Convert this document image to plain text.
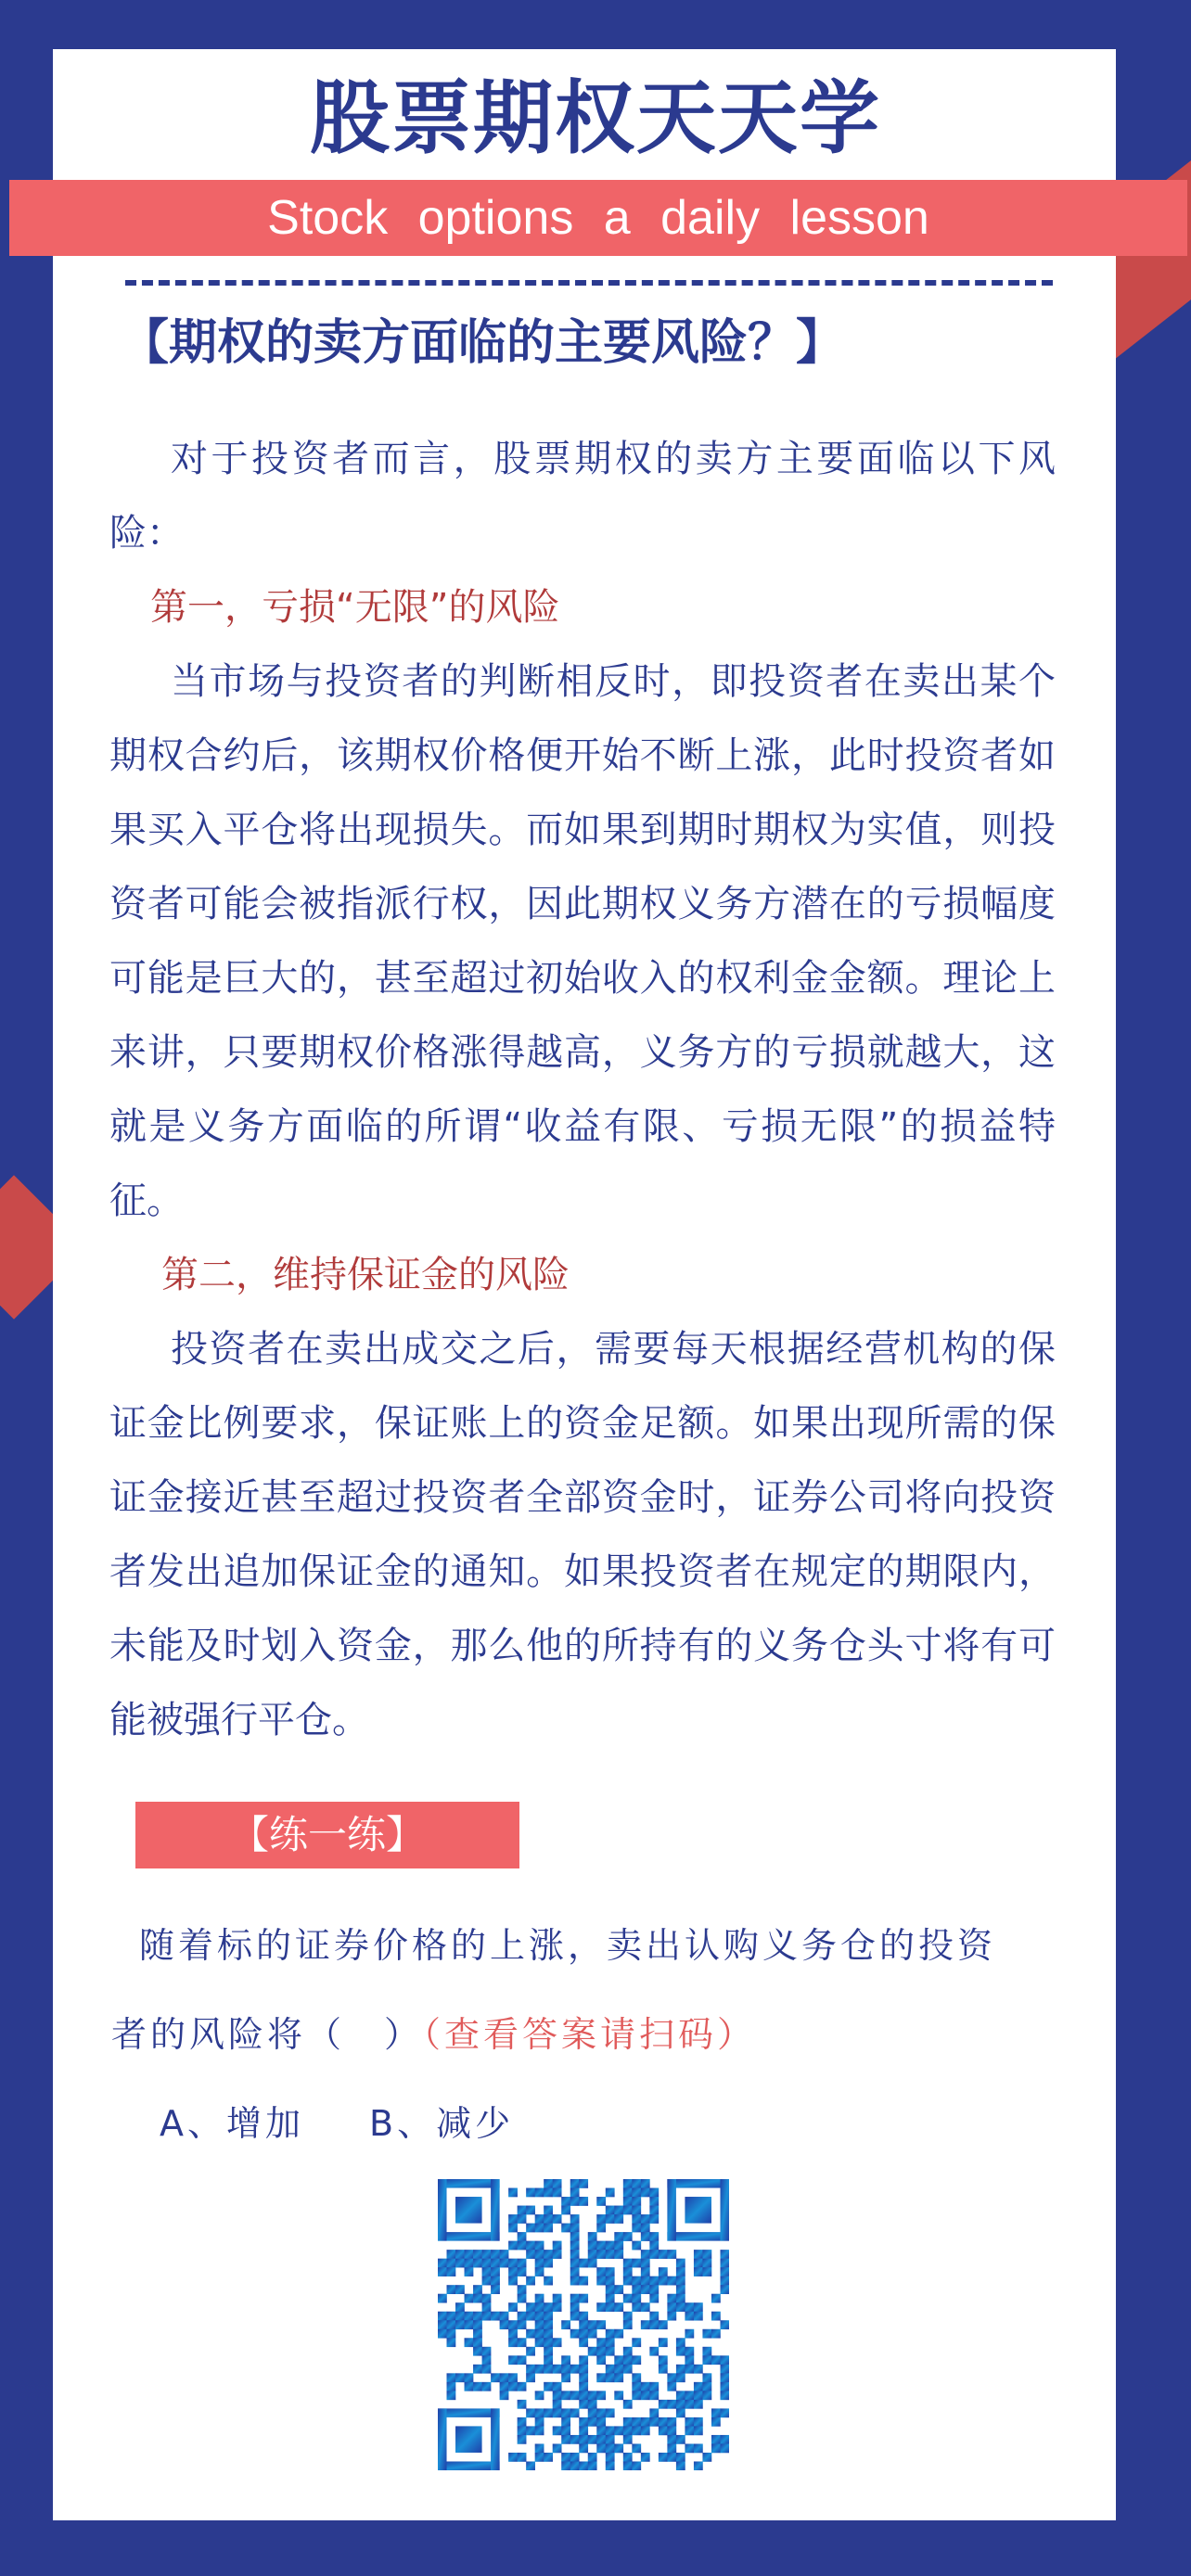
股票期权天天学
Stock options a daily lesson
【期权的卖方面临的主要风险？】

对于投资者而言，股票期权的卖方主要面临以下风险：

第一，亏损“无限”的风险

当市场与投资者的判断相反时，即投资者在卖出某个期权合约后，该期权价格便开始不断上涨，此时投资者如果买入平仓将出现损失。而如果到期时期权为实值，则投资者可能会被指派行权，因此期权义务方潜在的亏损幅度可能是巨大的，甚至超过初始收入的权利金金额。理论上来讲，只要期权价格涨得越高，义务方的亏损就越大，这就是义务方面临的所谓“收益有限、亏损无限”的损益特征。

第二，维持保证金的风险

投资者在卖出成交之后，需要每天根据经营机构的保证金比例要求，保证账上的资金足额。如果出现所需的保证金接近甚至超过投资者全部资金时，证券公司将向投资者发出追加保证金的通知。如果投资者在规定的期限内，未能及时划入资金，那么他的所持有的义务仓头寸将有可能被强行平仓。

【练一练】

随着标的证券价格的上涨，卖出认购义务仓的投资

者的风险将（　）（查看答案请扫码）

A、增加 B、减少
